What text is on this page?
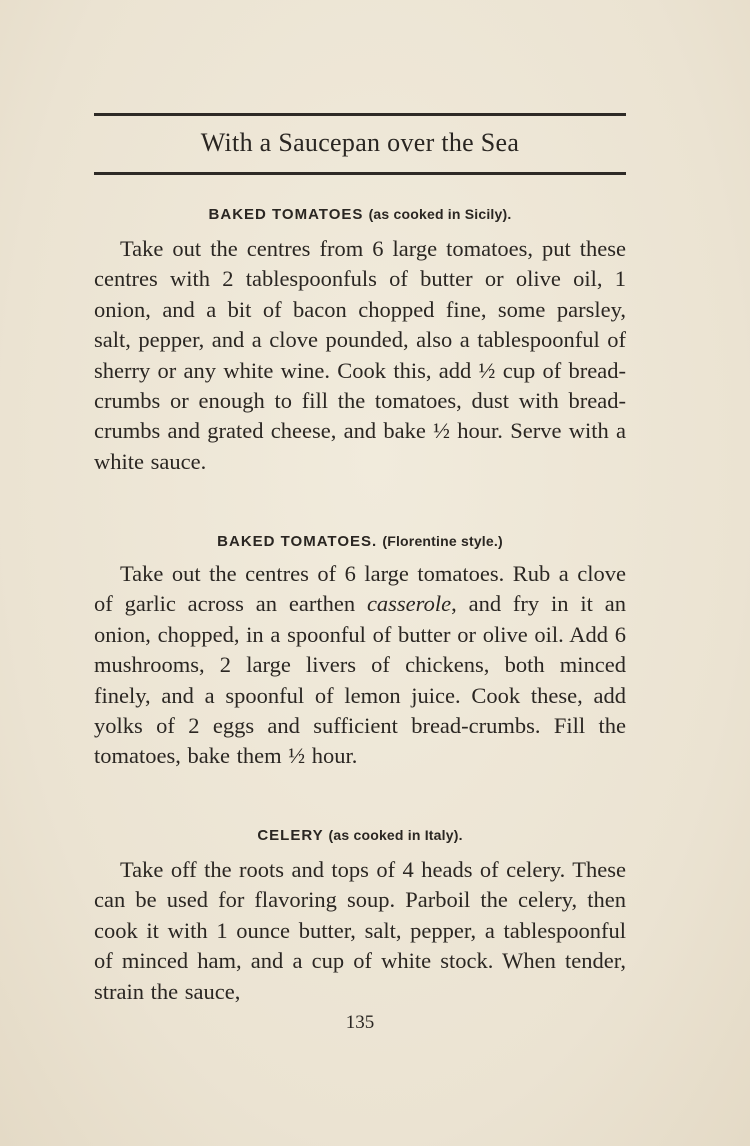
With a Saucepan over the Sea
BAKED TOMATOES (as cooked in Sicily).
Take out the centres from 6 large tomatoes, put these centres with 2 tablespoonfuls of butter or olive oil, 1 onion, and a bit of bacon chopped fine, some parsley, salt, pepper, and a clove pounded, also a tablespoonful of sherry or any white wine. Cook this, add ½ cup of bread-crumbs or enough to fill the tomatoes, dust with bread-crumbs and grated cheese, and bake ½ hour. Serve with a white sauce.
BAKED TOMATOES. (Florentine style.)
Take out the centres of 6 large tomatoes. Rub a clove of garlic across an earthen casserole, and fry in it an onion, chopped, in a spoonful of butter or olive oil. Add 6 mushrooms, 2 large livers of chickens, both minced finely, and a spoonful of lemon juice. Cook these, add yolks of 2 eggs and sufficient bread-crumbs. Fill the tomatoes, bake them ½ hour.
CELERY (as cooked in Italy).
Take off the roots and tops of 4 heads of celery. These can be used for flavoring soup. Parboil the celery, then cook it with 1 ounce butter, salt, pepper, a tablespoonful of minced ham, and a cup of white stock. When tender, strain the sauce,
135
